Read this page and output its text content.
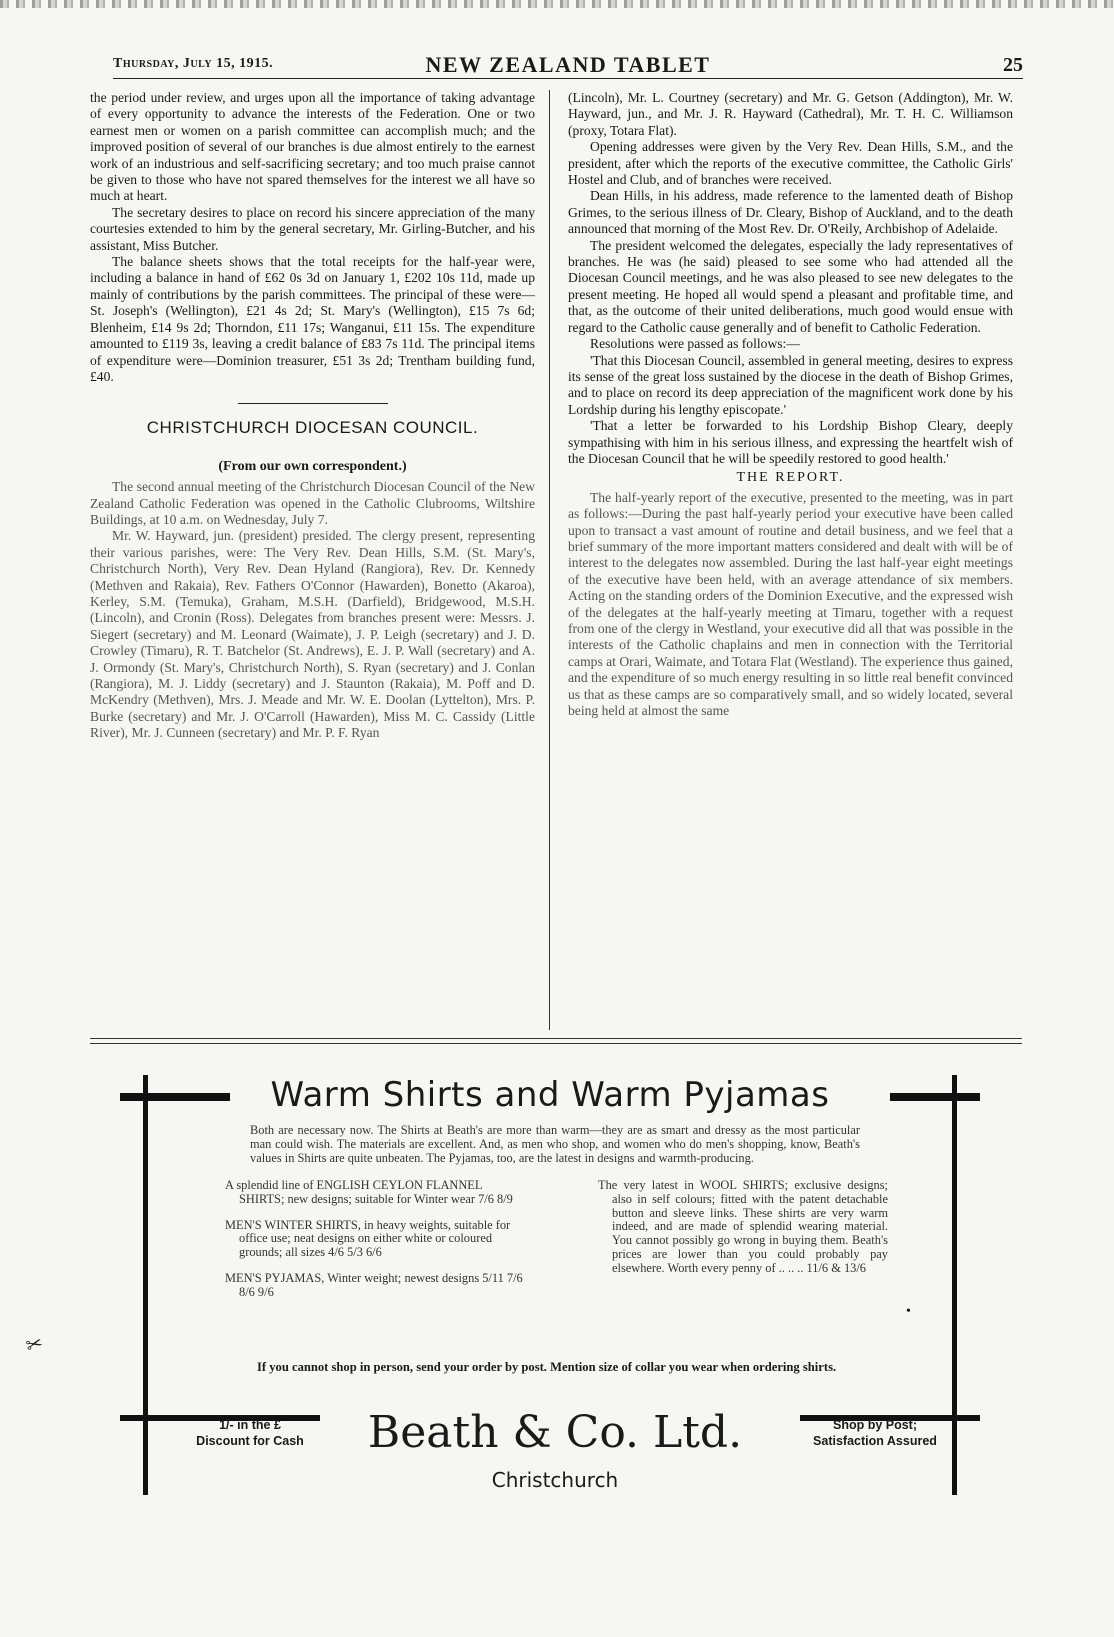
Thursday, July 15, 1915.	NEW ZEALAND TABLET	25

the period under review, and urges upon all the importance of taking advantage of every opportunity to advance the interests of the Federation. One or two earnest men or women on a parish committee can accomplish much; and the improved position of several of our branches is due almost entirely to the earnest work of an industrious and self-sacrificing secretary; and too much praise cannot be given to those who have not spared themselves for the interest we all have so much at heart.

The secretary desires to place on record his sincere appreciation of the many courtesies extended to him by the general secretary, Mr. Girling-Butcher, and his assistant, Miss Butcher.

The balance sheets shows that the total receipts for the half-year were, including a balance in hand of £62 0s 3d on January 1, £202 10s 11d, made up mainly of contributions by the parish committees. The principal of these were—St. Joseph's (Wellington), £21 4s 2d; St. Mary's (Wellington), £15 7s 6d; Blenheim, £14 9s 2d; Thorndon, £11 17s; Wanganui, £11 15s. The expenditure amounted to £119 3s, leaving a credit balance of £83 7s 11d. The principal items of expenditure were—Dominion treasurer, £51 3s 2d; Trentham building fund, £40.

CHRISTCHURCH DIOCESAN COUNCIL.
(From our own correspondent.)

The second annual meeting of the Christchurch Diocesan Council of the New Zealand Catholic Federation was opened in the Catholic Clubrooms, Wiltshire Buildings, at 10 a.m. on Wednesday, July 7.

Mr. W. Hayward, jun. (president) presided. The clergy present, representing their various parishes, were: The Very Rev. Dean Hills, S.M. (St. Mary's, Christchurch North), Very Rev. Dean Hyland (Rangiora), Rev. Dr. Kennedy (Methven and Rakaia), Rev. Fathers O'Connor (Hawarden), Bonetto (Akaroa), Kerley, S.M. (Temuka), Graham, M.S.H. (Darfield), Bridgewood, M.S.H. (Lincoln), and Cronin (Ross). Delegates from branches present were: Messrs. J. Siegert (secretary) and M. Leonard (Waimate), J. P. Leigh (secretary) and J. D. Crowley (Timaru), R. T. Batchelor (St. Andrews), E. J. P. Wall (secretary) and A. J. Ormondy (St. Mary's, Christchurch North), S. Ryan (secretary) and J. Conlan (Rangiora), M. J. Liddy (secretary) and J. Staunton (Rakaia), M. Poff and D. McKendry (Methven), Mrs. J. Meade and Mr. W. E. Doolan (Lyttelton), Mrs. P. Burke (secretary) and Mr. J. O'Carroll (Hawarden), Miss M. C. Cassidy (Little River), Mr. J. Cunneen (secretary) and Mr. P. F. Ryan

(Lincoln), Mr. L. Courtney (secretary) and Mr. G. Getson (Addington), Mr. W. Hayward, jun., and Mr. J. R. Hayward (Cathedral), Mr. T. H. C. Williamson (proxy, Totara Flat).

Opening addresses were given by the Very Rev. Dean Hills, S.M., and the president, after which the reports of the executive committee, the Catholic Girls' Hostel and Club, and of branches were received.

Dean Hills, in his address, made reference to the lamented death of Bishop Grimes, to the serious illness of Dr. Cleary, Bishop of Auckland, and to the death announced that morning of the Most Rev. Dr. O'Reily, Archbishop of Adelaide.

The president welcomed the delegates, especially the lady representatives of branches. He was (he said) pleased to see some who had attended all the Diocesan Council meetings, and he was also pleased to see new delegates to the present meeting. He hoped all would spend a pleasant and profitable time, and that, as the outcome of their united deliberations, much good would ensue with regard to the Catholic cause generally and of benefit to Catholic Federation.

Resolutions were passed as follows:—

'That this Diocesan Council, assembled in general meeting, desires to express its sense of the great loss sustained by the diocese in the death of Bishop Grimes, and to place on record its deep appreciation of the magnificent work done by his Lordship during his lengthy episcopate.'

'That a letter be forwarded to his Lordship Bishop Cleary, deeply sympathising with him in his serious illness, and expressing the heartfelt wish of the Diocesan Council that he will be speedily restored to good health.'

THE REPORT.

The half-yearly report of the executive, presented to the meeting, was in part as follows:—During the past half-yearly period your executive have been called upon to transact a vast amount of routine and detail business, and we feel that a brief summary of the more important matters considered and dealt with will be of interest to the delegates now assembled. During the last half-year eight meetings of the executive have been held, with an average attendance of six members. Acting on the standing orders of the Dominion Executive, and the expressed wish of the delegates at the half-yearly meeting at Timaru, together with a request from one of the clergy in Westland, your executive did all that was possible in the interests of the Catholic chaplains and men in connection with the Territorial camps at Orari, Waimate, and Totara Flat (Westland). The experience thus gained, and the expenditure of so much energy resulting in so little real benefit convinced us that as these camps are so comparatively small, and so widely located, several being held at almost the same

Warm Shirts and Warm Pyjamas
Both are necessary now. The Shirts at Beath's are more than warm—they are as smart and dressy as the most particular man could wish. The materials are excellent. And, as men who shop, and women who do men's shopping, know, Beath's values in Shirts are quite unbeaten. The Pyjamas, too, are the latest in designs and warmth-producing.
A splendid line of ENGLISH CEYLON FLANNEL SHIRTS; new designs; suitable for Winter wear 7/6 8/9
MEN'S WINTER SHIRTS, in heavy weights, suitable for office use; neat designs on either white or coloured grounds; all sizes 4/6 5/3 6/6
MEN'S PYJAMAS, Winter weight; newest designs 5/11 7/6 8/6 9/6
The very latest in WOOL SHIRTS; exclusive designs; also in self colours; fitted with the patent detachable button and sleeve links. These shirts are very warm indeed, and are made of splendid wearing material. You cannot possibly go wrong in buying them. Beath's prices are lower than you could probably pay elsewhere. Worth every penny of .. .. .. 11/6 & 13/6
If you cannot shop in person, send your order by post. Mention size of collar you wear when ordering shirts.
1/- in the £
Discount for Cash	Beath & Co. Ltd.
Christchurch
Shop by Post;
Satisfaction Assured
✂
•
